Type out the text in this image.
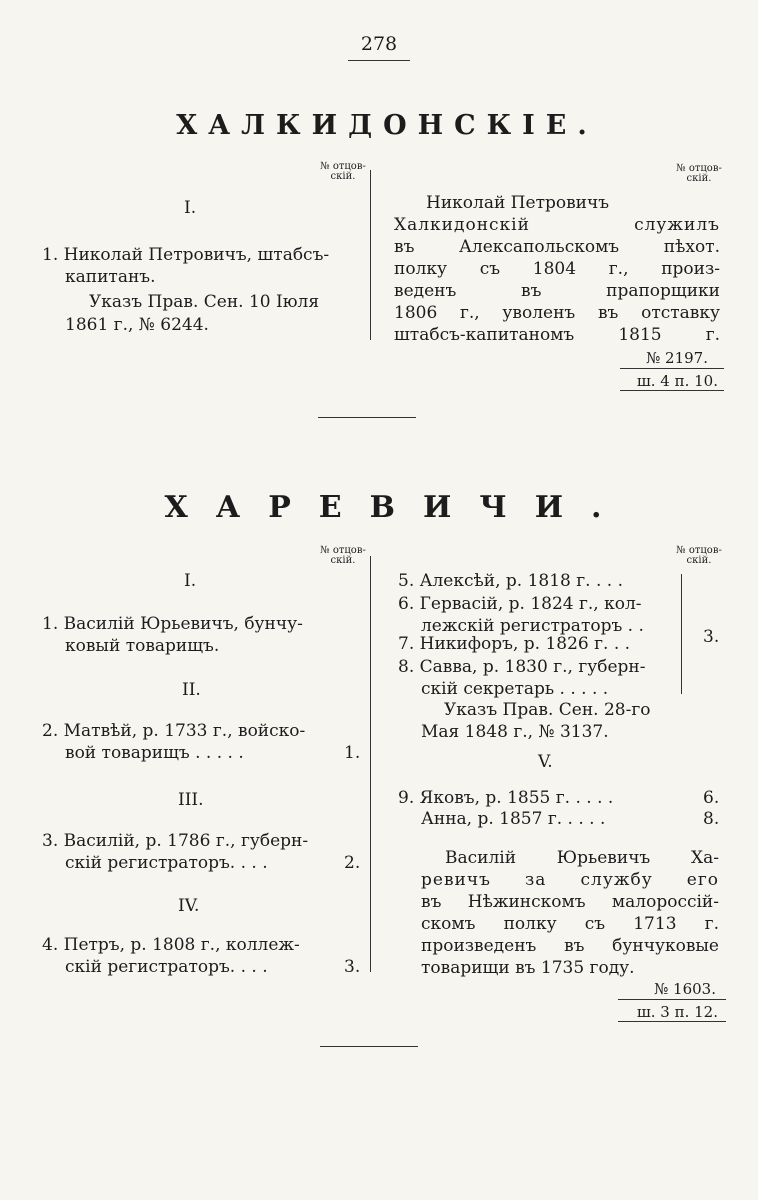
278
ХАЛКИДОНСКІЕ.
№ отцов-
скій.
№ отцов-
скій.
I.
1. Николай Петровичъ, штабсъ-
капитанъ.
Указъ Прав. Сен. 10 Іюля
1861 г., № 6244.
Николай Петровичъ
Халкидонскій служилъ
въ Алексапольскомъ пѣхот.
полку съ 1804 г., произ-
веденъ въ прапорщики
1806 г., уволенъ въ отставку
штабсъ-капитаномъ 1815 г.
№ 2197.
ш. 4 п. 10.
ХАРЕВИЧИ.
№ отцов-
скій.
№ отцов-
скій.
I.
1. Василій Юрьевичъ, бунчу-
ковый товарищъ.
II.
2. Матвѣй, р. 1733 г., войско-
вой товарищъ . . . . .	1.
III.
3. Василій, р. 1786 г., губерн-
скій регистраторъ. . . .	2.
IV.
4. Петръ, р. 1808 г., коллеж-
скій регистраторъ. . . .	3.
5. Алексѣй, р. 1818 г. . . .
6. Гервасій, р. 1824 г., кол-
лежскій регистраторъ . .
7. Никифоръ, р. 1826 г. . .
8. Савва, р. 1830 г., губерн-
скій секретарь . . . . .
3.
Указъ Прав. Сен. 28-го
Мая 1848 г., № 3137.
V.
9. Яковъ, р. 1855 г. . . . .	6.
Анна, р. 1857 г. . . . .	8.
Василій Юрьевичъ Ха-
ревичъ за службу его
въ Нѣжинскомъ малороссій-
скомъ полку съ 1713 г.
произведенъ въ бунчуковые
товарищи въ 1735 году.
№ 1603.
ш. 3 п. 12.
